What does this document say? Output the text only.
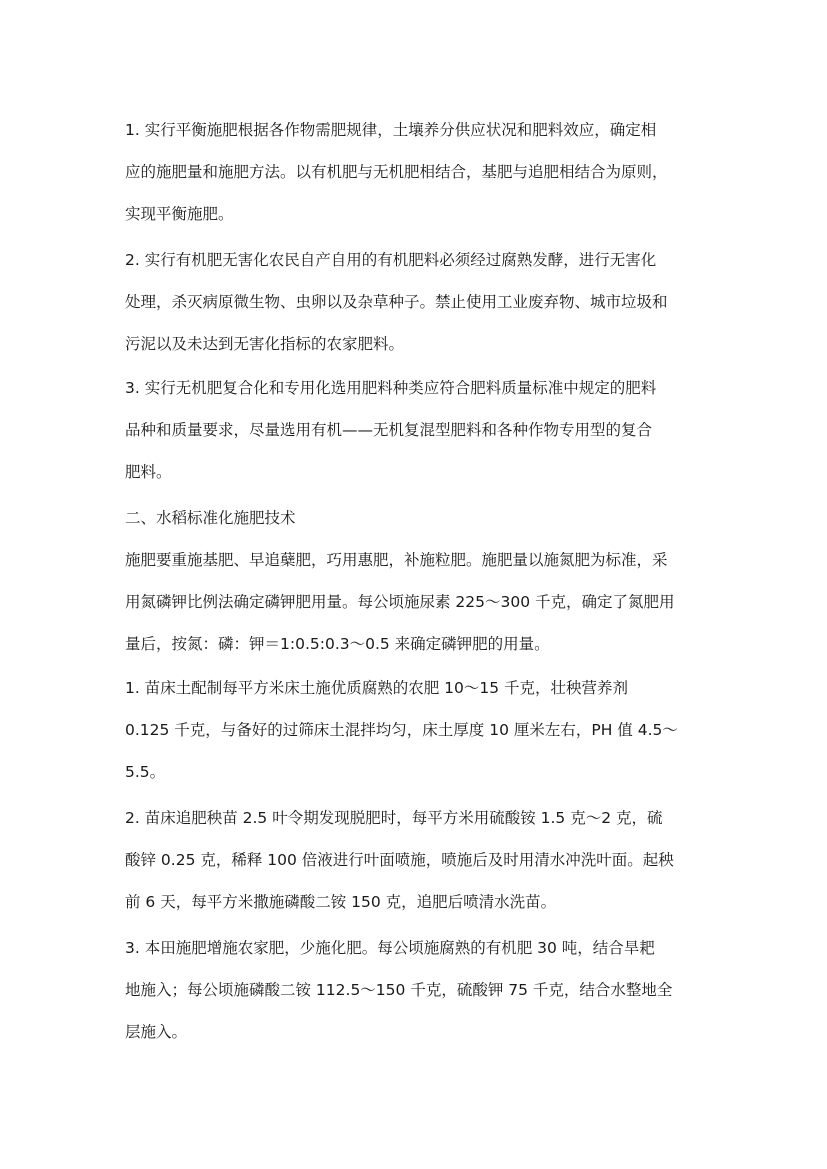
1. 实行平衡施肥根据各作物需肥规律，土壤养分供应状况和肥料效应，确定相
应的施肥量和施肥方法。以有机肥与无机肥相结合，基肥与追肥相结合为原则，
实现平衡施肥。
2. 实行有机肥无害化农民自产自用的有机肥料必须经过腐熟发酵，进行无害化
处理，杀灭病原微生物、虫卵以及杂草种子。禁止使用工业废弃物、城市垃圾和
污泥以及未达到无害化指标的农家肥料。
3. 实行无机肥复合化和专用化选用肥料种类应符合肥料质量标准中规定的肥料
品种和质量要求，尽量选用有机——无机复混型肥料和各种作物专用型的复合
肥料。
二、水稻标准化施肥技术
施肥要重施基肥、早追蘖肥，巧用惠肥，补施粒肥。施肥量以施氮肥为标准，采
用氮磷钾比例法确定磷钾肥用量。每公顷施尿素 225～300 千克，确定了氮肥用
量后，按氮：磷：钾＝1:0.5:0.3～0.5 来确定磷钾肥的用量。
1. 苗床土配制每平方米床土施优质腐熟的农肥 10～15 千克，壮秧营养剂
0.125 千克，与备好的过筛床土混拌均匀，床土厚度 10 厘米左右，PH 值 4.5～
5.5。
2. 苗床追肥秧苗 2.5 叶令期发现脱肥时，每平方米用硫酸铵 1.5 克～2 克，硫
酸锌 0.25 克，稀释 100 倍液进行叶面喷施，喷施后及时用清水冲洗叶面。起秧
前 6 天，每平方米撒施磷酸二铵 150 克，追肥后喷清水洗苗。
3. 本田施肥增施农家肥，少施化肥。每公顷施腐熟的有机肥 30 吨，结合旱耙
地施入；每公顷施磷酸二铵 112.5～150 千克，硫酸钾 75 千克，结合水整地全
层施入。
